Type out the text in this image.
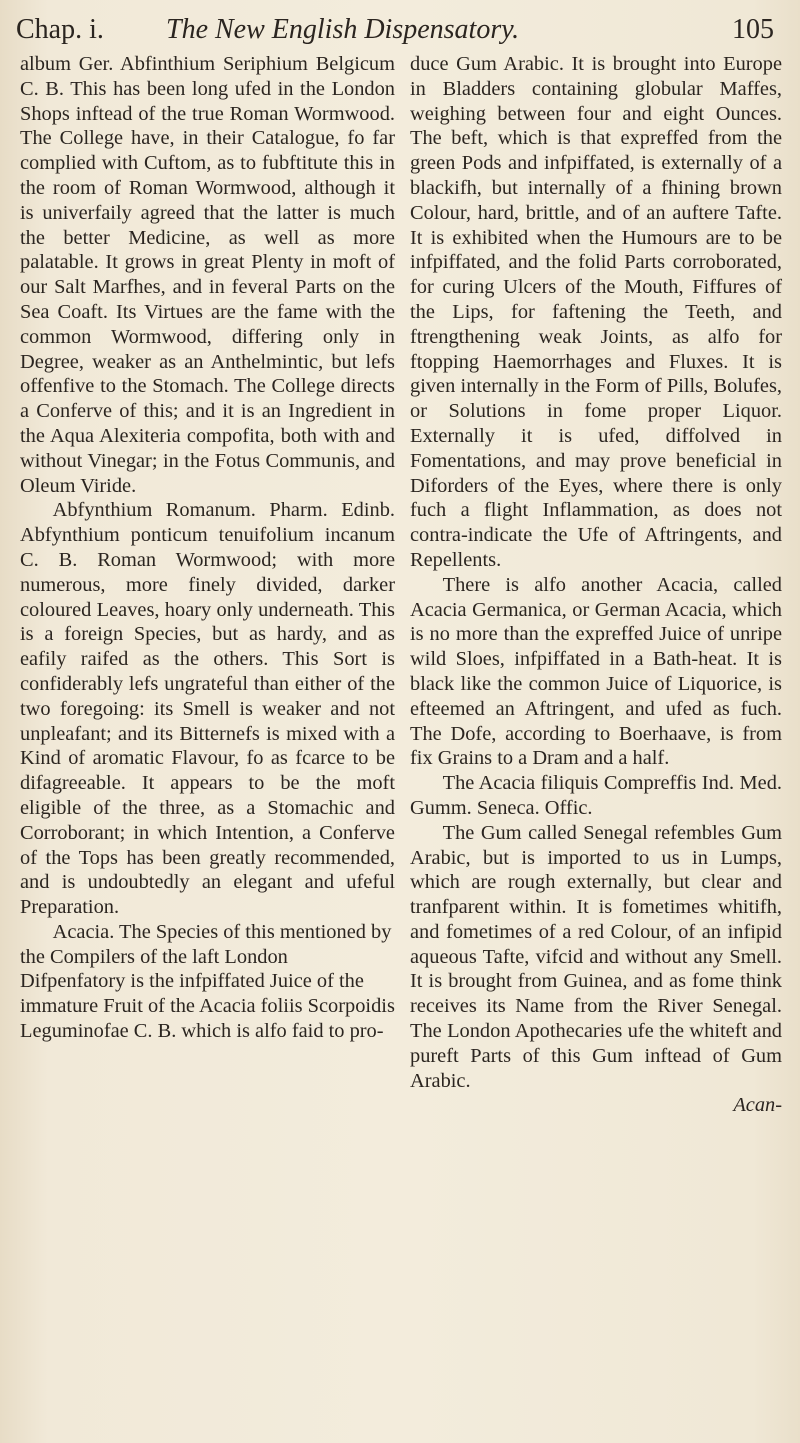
Chap. i. The New English Dispensatory.	105

album Ger. Abfinthium Seriphium Belgicum C. B. This has been long ufed in the London Shops inftead of the true Roman Wormwood. The College have, in their Catalogue, fo far complied with Cuftom, as to fubftitute this in the room of Roman Wormwood, although it is univerfaily agreed that the latter is much the better Medicine, as well as more palatable. It grows in great Plenty in moft of our Salt Marfhes, and in feveral Parts on the Sea Coaft. Its Virtues are the fame with the common Wormwood, differing only in Degree, weaker as an Anthelmintic, but lefs offenfive to the Stomach. The College directs a Conferve of this; and it is an Ingredient in the Aqua Alexiteria compofita, both with and without Vinegar; in the Fotus Communis, and Oleum Viride.

Abfynthium Romanum. Pharm. Edinb. Abfynthium ponticum tenuifolium incanum C. B. Roman Wormwood; with more numerous, more finely divided, darker coloured Leaves, hoary only underneath. This is a foreign Species, but as hardy, and as eafily raifed as the others. This Sort is confiderably lefs ungrateful than either of the two foregoing: its Smell is weaker and not unpleafant; and its Bitternefs is mixed with a Kind of aromatic Flavour, fo as fcarce to be difagreeable. It appears to be the moft eligible of the three, as a Stomachic and Corroborant; in which Intention, a Conferve of the Tops has been greatly recommended, and is undoubtedly an elegant and ufeful Preparation.

Acacia. The Species of this mentioned by the Compilers of the laft London Difpenfatory is the infpiffated Juice of the immature Fruit of the Acacia foliis Scorpoidis Leguminofae C. B. which is alfo faid to pro-

duce Gum Arabic. It is brought into Europe in Bladders containing globular Maffes, weighing between four and eight Ounces. The beft, which is that expreffed from the green Pods and infpiffated, is externally of a blackifh, but internally of a fhining brown Colour, hard, brittle, and of an auftere Tafte. It is exhibited when the Humours are to be infpiffated, and the folid Parts corroborated, for curing Ulcers of the Mouth, Fiffures of the Lips, for faftening the Teeth, and ftrengthening weak Joints, as alfo for ftopping Haemorrhages and Fluxes. It is given internally in the Form of Pills, Bolufes, or Solutions in fome proper Liquor. Externally it is ufed, diffolved in Fomentations, and may prove beneficial in Diforders of the Eyes, where there is only fuch a flight Inflammation, as does not contra-indicate the Ufe of Aftringents, and Repellents.

There is alfo another Acacia, called Acacia Germanica, or German Acacia, which is no more than the expreffed Juice of unripe wild Sloes, infpiffated in a Bath-heat. It is black like the common Juice of Liquorice, is efteemed an Aftringent, and ufed as fuch. The Dofe, according to Boerhaave, is from fix Grains to a Dram and a half.

The Acacia filiquis Compreffis Ind. Med. Gumm. Seneca. Offic.

The Gum called Senegal refembles Gum Arabic, but is imported to us in Lumps, which are rough externally, but clear and tranfparent within. It is fometimes whitifh, and fometimes of a red Colour, of an infipid aqueous Tafte, vifcid and without any Smell. It is brought from Guinea, and as fome think receives its Name from the River Senegal. The London Apothecaries ufe the whiteft and pureft Parts of this Gum inftead of Gum Arabic.

Acan-
